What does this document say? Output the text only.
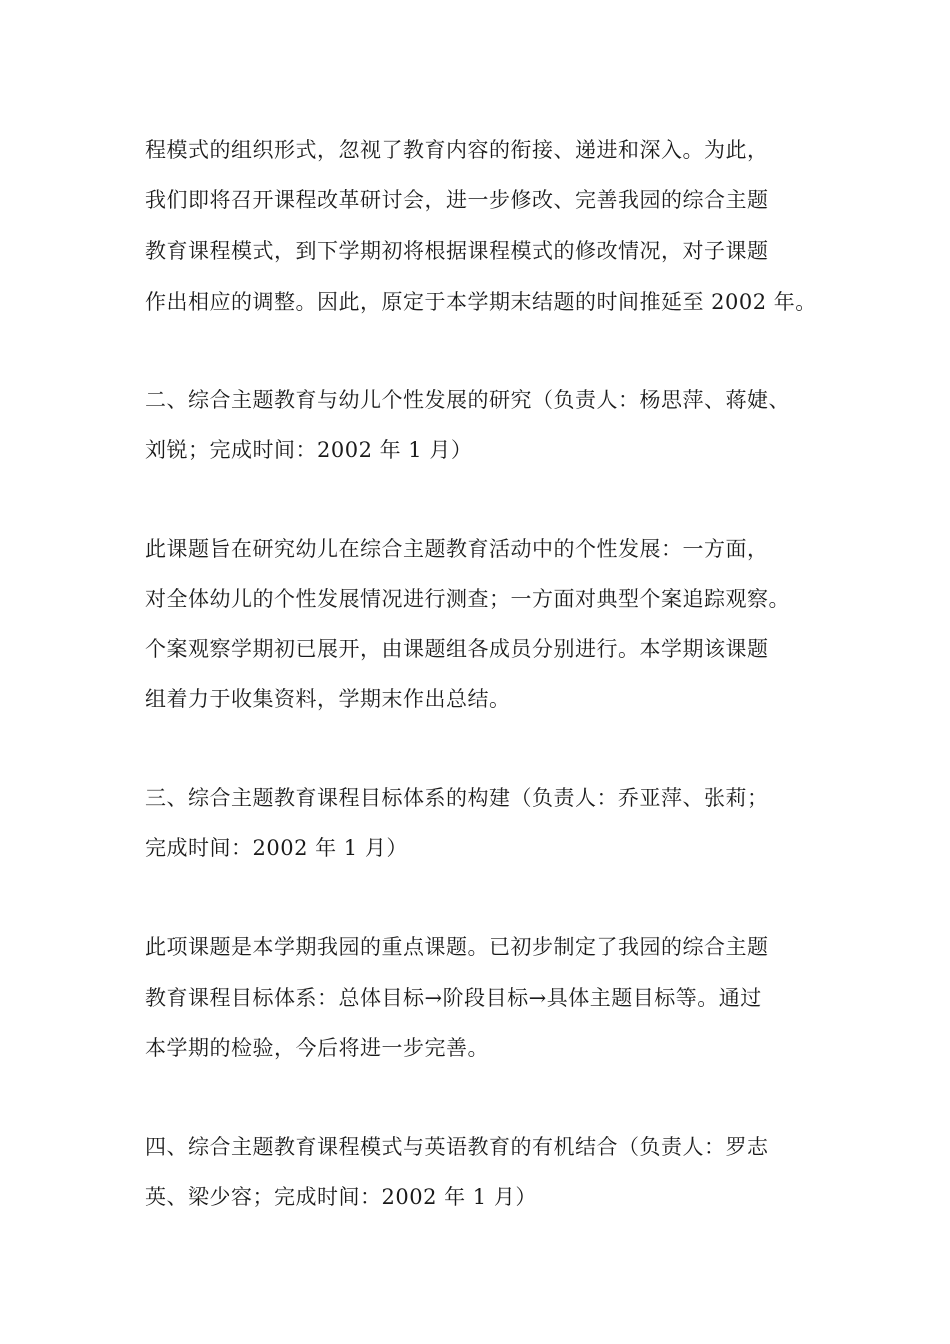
程模式的组织形式，忽视了教育内容的衔接、递进和深入。为此，
我们即将召开课程改革研讨会，进一步修改、完善我园的综合主题
教育课程模式，到下学期初将根据课程模式的修改情况，对子课题
作出相应的调整。因此，原定于本学期末结题的时间推延至 2002 年。
二、综合主题教育与幼儿个性发展的研究（负责人：杨思萍、蒋婕、
刘锐；完成时间：2002 年 1 月）
此课题旨在研究幼儿在综合主题教育活动中的个性发展：一方面，
对全体幼儿的个性发展情况进行测查；一方面对典型个案追踪观察。
个案观察学期初已展开，由课题组各成员分别进行。本学期该课题
组着力于收集资料，学期末作出总结。
三、综合主题教育课程目标体系的构建（负责人：乔亚萍、张莉；
完成时间：2002 年 1 月）
此项课题是本学期我园的重点课题。已初步制定了我园的综合主题
教育课程目标体系：总体目标→阶段目标→具体主题目标等。通过
本学期的检验，今后将进一步完善。
四、综合主题教育课程模式与英语教育的有机结合（负责人：罗志
英、梁少容；完成时间：2002 年 1 月）
